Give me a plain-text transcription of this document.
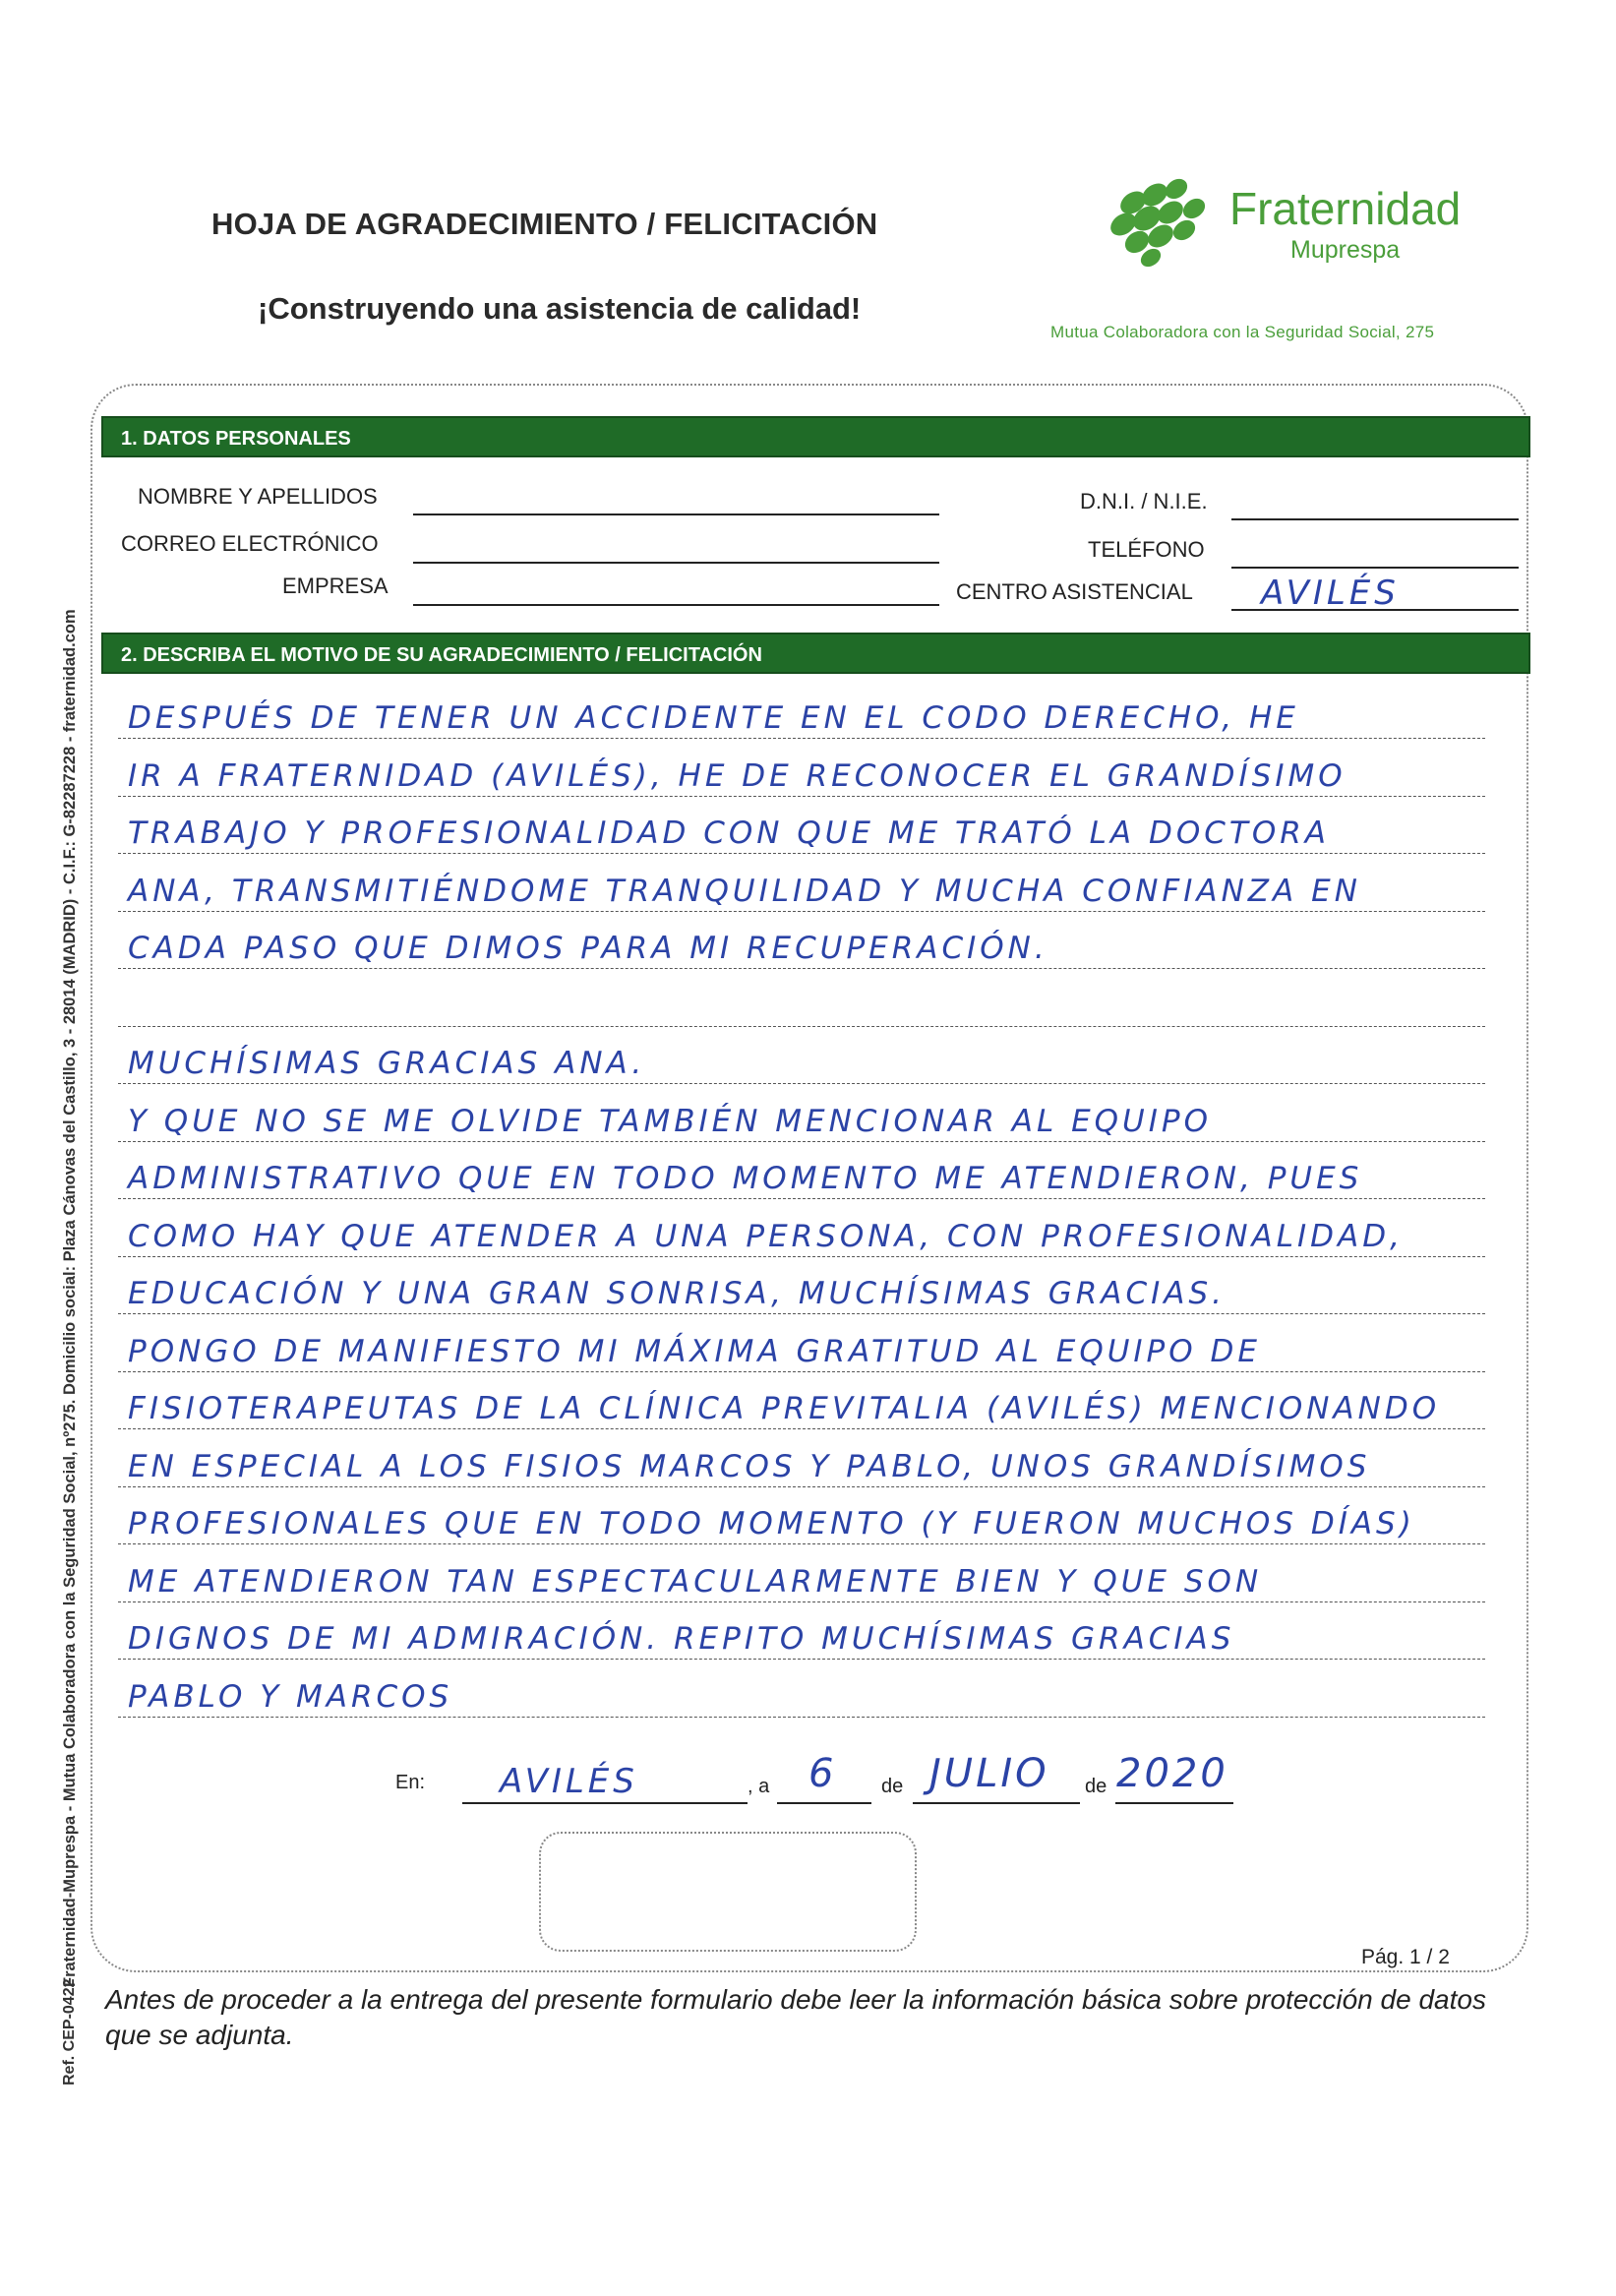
HOJA DE AGRADECIMIENTO / FELICITACIÓN
¡Construyendo una asistencia de calidad!
Fraternidad
Muprespa
Mutua Colaboradora con la Seguridad Social, 275
1. DATOS PERSONALES
NOMBRE Y APELLIDOS	D.N.I. / N.I.E.
CORREO ELECTRÓNICO	TELÉFONO
EMPRESA	CENTRO ASISTENCIAL AVILÉS
2. DESCRIBA EL MOTIVO DE SU AGRADECIMIENTO / FELICITACIÓN
DESPUÉS DE TENER UN ACCIDENTE EN EL CODO DERECHO, HE
IR A FRATERNIDAD (AVILÉS), HE DE RECONOCER EL GRANDÍSIMO
TRABAJO Y PROFESIONALIDAD CON QUE ME TRATÓ LA DOCTORA
ANA, TRANSMITIÉNDOME TRANQUILIDAD Y MUCHA CONFIANZA EN
CADA PASO QUE DIMOS PARA MI RECUPERACIÓN.
MUCHÍSIMAS GRACIAS ANA.
Y QUE NO SE ME OLVIDE TAMBIÉN MENCIONAR AL EQUIPO
ADMINISTRATIVO QUE EN TODO MOMENTO ME ATENDIERON, PUES
COMO HAY QUE ATENDER A UNA PERSONA, CON PROFESIONALIDAD,
EDUCACIÓN Y UNA GRAN SONRISA, MUCHÍSIMAS GRACIAS.
PONGO DE MANIFIESTO MI MÁXIMA GRATITUD AL EQUIPO DE
FISIOTERAPEUTAS DE LA CLÍNICA PREVITALIA (AVILÉS) MENCIONANDO
EN ESPECIAL A LOS FISIOS MARCOS Y PABLO, UNOS GRANDÍSIMOS
PROFESIONALES QUE EN TODO MOMENTO (Y FUERON MUCHOS DÍAS)
ME ATENDIERON TAN ESPECTACULARMENTE BIEN Y QUE SON
DIGNOS DE MI ADMIRACIÓN. REPITO MUCHÍSIMAS GRACIAS
PABLO Y MARCOS
En: AVILÉS	, a 6 de JULIO de 2020
Pág. 1 / 2
Antes de proceder a la entrega del presente formulario debe leer la información básica sobre protección de datos que se adjunta.
Fraternidad-Muprespa - Mutua Colaboradora con la Seguridad Social, nº275. Domicilio social: Plaza Cánovas del Castillo, 3 - 28014 (MADRID) - C.I.F.: G-82287228 - fraternidad.com
Ref. CEP-0422
